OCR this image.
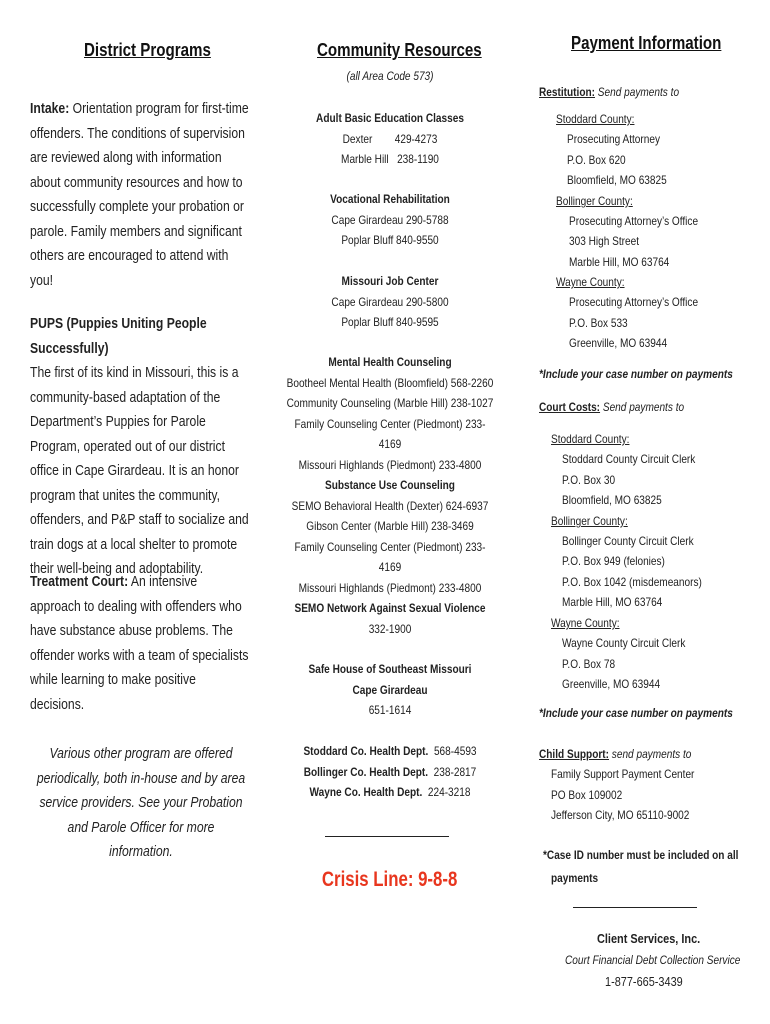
District Programs
Intake: Orientation program for first-time offenders. The conditions of supervision are reviewed along with information about community resources and how to successfully complete your probation or parole. Family members and significant others are encouraged to attend with you!
PUPS (Puppies Uniting People Successfully)
The first of its kind in Missouri, this is a community-based adaptation of the Department’s Puppies for Parole Program, operated out of our district office in Cape Girardeau. It is an honor program that unites the community, offenders, and P&P staff to socialize and train dogs at a local shelter to promote their well-being and adoptability.
Treatment Court: An intensive approach to dealing with offenders who have substance abuse problems. The offender works with a team of specialists while learning to make positive decisions.
Various other program are offered periodically, both in-house and by area service providers. See your Probation and Parole Officer for more information.
Community Resources
(all Area Code 573)
Adult Basic Education Classes
Dexter        429-4273
Marble Hill   238-1190
Vocational Rehabilitation
Cape Girardeau 290-5788
Poplar Bluff 840-9550
Missouri Job Center
Cape Girardeau 290-5800
Poplar Bluff 840-9595
Mental Health Counseling
Bootheel Mental Health (Bloomfield) 568-2260
Community Counseling (Marble Hill) 238-1027
Family Counseling Center (Piedmont) 233-4169
Missouri Highlands (Piedmont) 233-4800
Substance Use Counseling
SEMO Behavioral Health (Dexter) 624-6937
Gibson Center (Marble Hill) 238-3469
Family Counseling Center (Piedmont) 233-4169
Missouri Highlands (Piedmont) 233-4800
SEMO Network Against Sexual Violence
332-1900
Safe House of Southeast Missouri
Cape Girardeau
651-1614
Stoddard Co. Health Dept. 568-4593
Bollinger Co. Health Dept. 238-2817
Wayne Co. Health Dept. 224-3218
Crisis Line: 9-8-8
Payment Information
Restitution: Send payments to
Stoddard County:
Prosecuting Attorney
P.O. Box 620
Bloomfield, MO 63825
Bollinger County:
Prosecuting Attorney’s Office
303 High Street
Marble Hill, MO 63764
Wayne County:
Prosecuting Attorney’s Office
P.O. Box 533
Greenville, MO 63944
*Include your case number on payments
Court Costs: Send payments to
Stoddard County:
Stoddard County Circuit Clerk
P.O. Box 30
Bloomfield, MO 63825
Bollinger County:
Bollinger County Circuit Clerk
P.O. Box 949 (felonies)
P.O. Box 1042 (misdemeanors)
Marble Hill, MO 63764
Wayne County:
Wayne County Circuit Clerk
P.O. Box 78
Greenville, MO 63944
*Include your case number on payments
Child Support: send payments to
Family Support Payment Center
PO Box 109002
Jefferson City, MO 65110-9002
*Case ID number must be included on all
payments
Client Services, Inc.
Court Financial Debt Collection Service
1-877-665-3439
